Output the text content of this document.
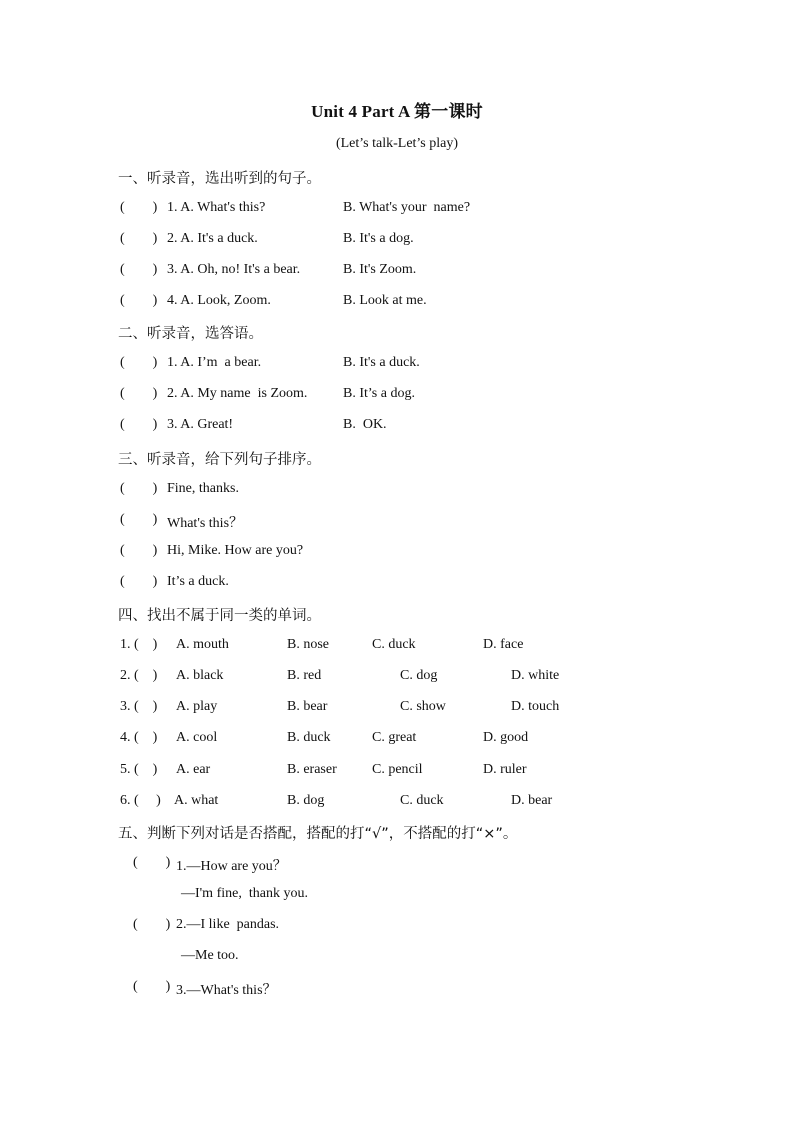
Unit 4 Part A 第一课时
(Let’s talk-Let’s play)
一、听录音，选出听到的句子。
(        ) 1. A. What's this?	B. What's your  name?
(        ) 2. A. It's a duck.	B. It's a dog.
(        ) 3. A. Oh, no! It's a bear.	B. It's Zoom.
(        ) 4. A. Look, Zoom.	B. Look at me.
二、听录音，选答语。
(        ) 1. A. I’m  a bear.	B. It's a duck.
(        ) 2. A. My name  is Zoom.	B. It’s a dog.
(        ) 3. A. Great!	B.  OK.
三、听录音，给下列句子排序。
(        ) Fine, thanks.
(        ) What's this？
(        ) Hi, Mike. How are you?
(        ) It’s a duck.
四、找出不属于同一类的单词。
1. (    ) A. mouth	B. nose	C. duck	D. face
2. (    ) A. black	B. red	C. dog	D. white
3. (    ) A. play	B. bear	C. show	D. touch
4. (    ) A. cool	B. duck	C. great	D. good
5. (    ) A. ear	B. eraser	C. pencil	D. ruler
6. (     ) A. what	B. dog	C. duck	D. bear
五、判断下列对话是否搭配，搭配的打“√”，不搭配的打“×”。
(        ) 1.—How are you？
—I'm fine,  thank you.
(        ) 2.—I like  pandas.
—Me too.
(        ) 3.—What's this？
